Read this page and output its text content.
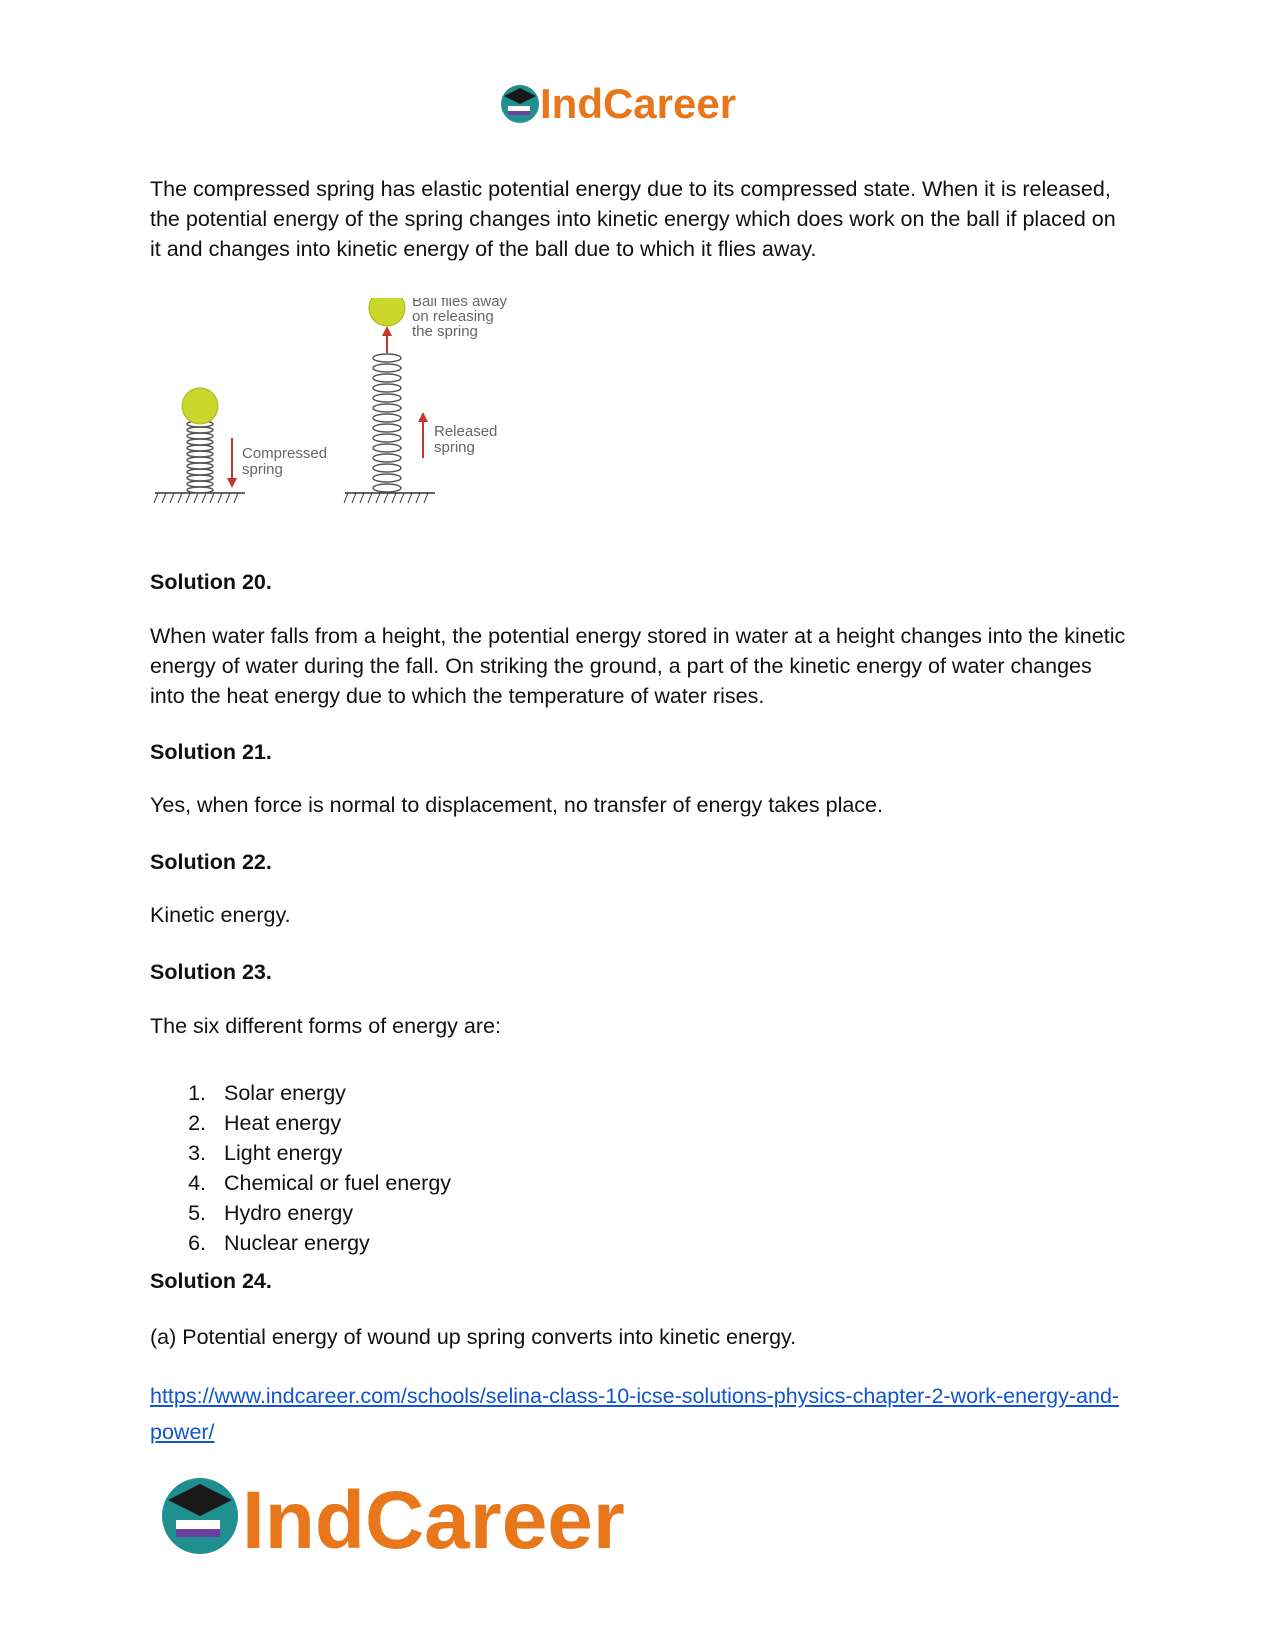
IndCareer

The compressed spring has elastic potential energy due to its compressed state. When it is released, the potential energy of the spring changes into kinetic energy which does work on the ball if placed on it and changes into kinetic energy of the ball due to which it flies away.

Compressed
spring
Released
spring
Ball flies away
on releasing
the spring

Solution 20.

When water falls from a height, the potential energy stored in water at a height changes into the kinetic energy of water during the fall. On striking the ground, a part of the kinetic energy of water changes into the heat energy due to which the temperature of water rises.

Solution 21.

Yes, when force is normal to displacement, no transfer of energy takes place.

Solution 22.

Kinetic energy.

Solution 23.

The six different forms of energy are:

1. Solar energy
2. Heat energy
3. Light energy
4. Chemical or fuel energy
5. Hydro energy
6. Nuclear energy

Solution 24.

(a) Potential energy of wound up spring converts into kinetic energy.

https://www.indcareer.com/schools/selina-class-10-icse-solutions-physics-chapter-2-work-energy-and-power/
IndCareer
